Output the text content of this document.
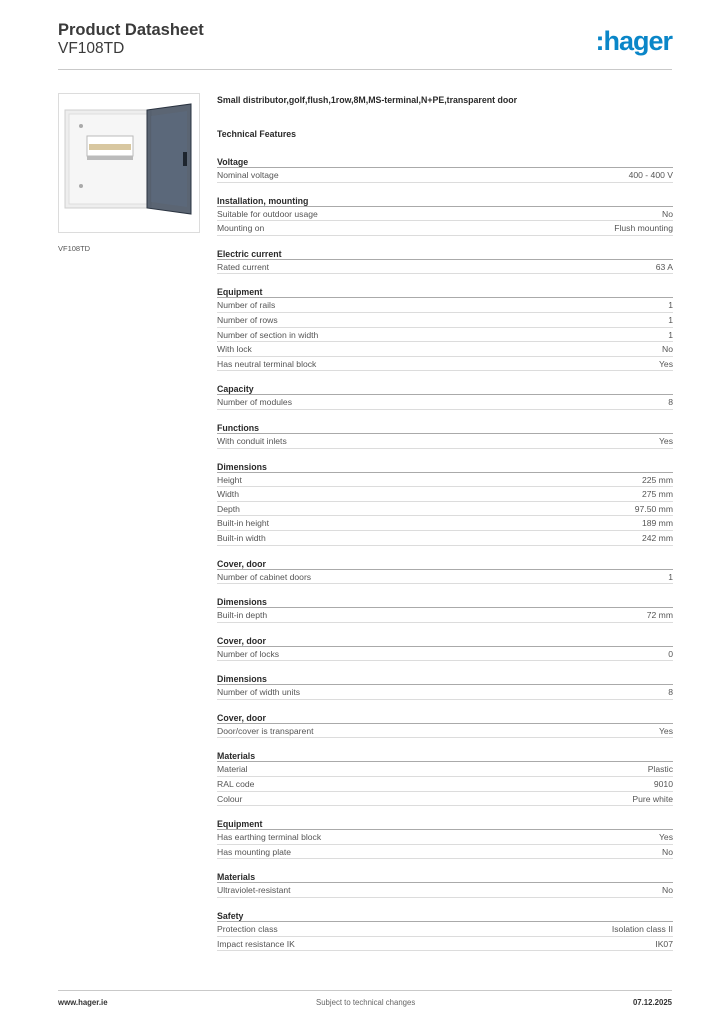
Product Datasheet
VF108TD	:hager
VF108TD
Small distributor,golf,flush,1row,8M,MS-terminal,N+PE,transparent door
Technical Features
Voltage
Nominal voltage	400 - 400 V
Installation, mounting
Suitable for outdoor usage	No
Mounting on	Flush mounting
Electric current
Rated current	63 A
Equipment
Number of rails	1
Number of rows	1
Number of section in width	1
With lock	No
Has neutral terminal block	Yes
Capacity
Number of modules	8
Functions
With conduit inlets	Yes
Dimensions
Height	225 mm
Width	275 mm
Depth	97.50 mm
Built-in height	189 mm
Built-in width	242 mm
Cover, door
Number of cabinet doors	1
Dimensions
Built-in depth	72 mm
Cover, door
Number of locks	0
Dimensions
Number of width units	8
Cover, door
Door/cover is transparent	Yes
Materials
Material	Plastic
RAL code	9010
Colour	Pure white
Equipment
Has earthing terminal block	Yes
Has mounting plate	No
Materials
Ultraviolet-resistant	No
Safety
Protection class	Isolation class II
Impact resistance IK	IK07
www.hager.ie	Subject to technical changes	07.12.2025
